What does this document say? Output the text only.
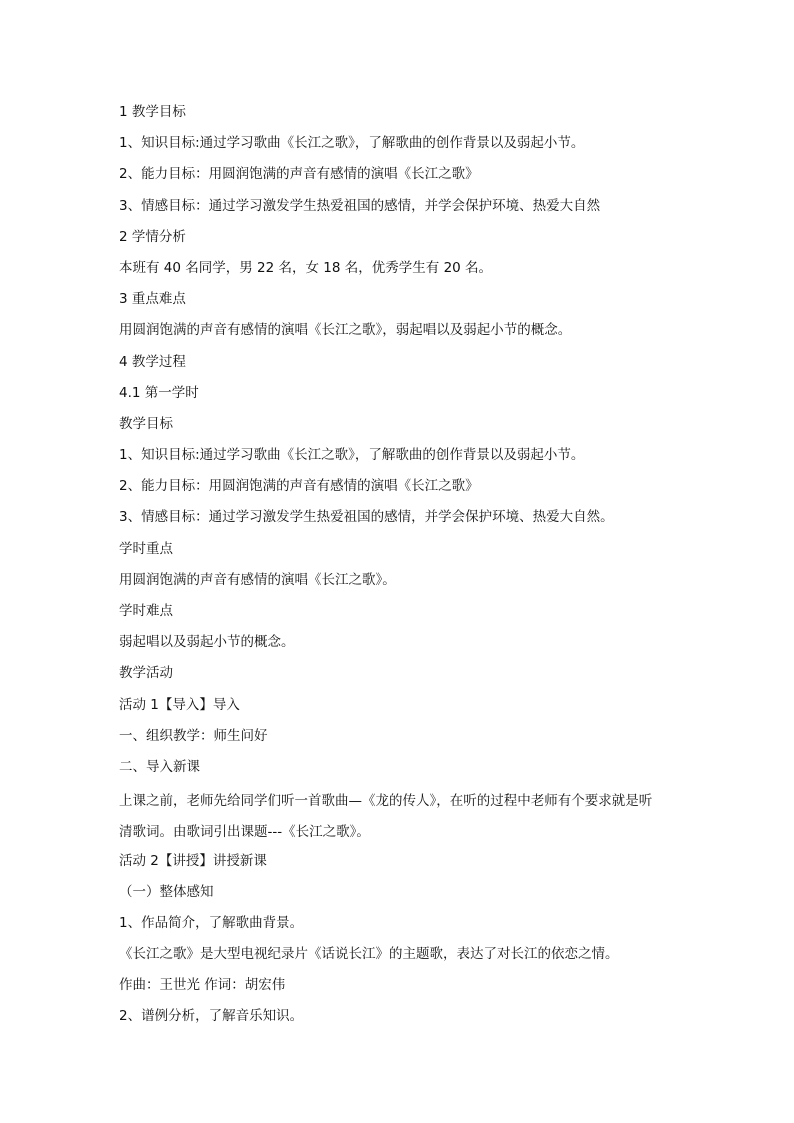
1 教学目标
1、知识目标:通过学习歌曲《长江之歌》，了解歌曲的创作背景以及弱起小节。
2、能力目标：用圆润饱满的声音有感情的演唱《长江之歌》
3、情感目标：通过学习激发学生热爱祖国的感情，并学会保护环境、热爱大自然
2 学情分析
本班有 40 名同学，男 22 名，女 18 名，优秀学生有 20 名。
3 重点难点
用圆润饱满的声音有感情的演唱《长江之歌》，弱起唱以及弱起小节的概念。
4 教学过程
4.1 第一学时
教学目标
1、知识目标:通过学习歌曲《长江之歌》，了解歌曲的创作背景以及弱起小节。
2、能力目标：用圆润饱满的声音有感情的演唱《长江之歌》
3、情感目标：通过学习激发学生热爱祖国的感情，并学会保护环境、热爱大自然。
学时重点
用圆润饱满的声音有感情的演唱《长江之歌》。
学时难点
弱起唱以及弱起小节的概念。
教学活动
活动 1【导入】导入
一、组织教学：师生问好
二、导入新课
上课之前，老师先给同学们听一首歌曲—《龙的传人》，在听的过程中老师有个要求就是听清歌词。由歌词引出课题---《长江之歌》。
活动 2【讲授】讲授新课
（一）整体感知
1、作品简介，了解歌曲背景。
《长江之歌》是大型电视纪录片《话说长江》的主题歌，表达了对长江的依恋之情。
作曲：王世光 作词：胡宏伟
2、谱例分析，了解音乐知识。
